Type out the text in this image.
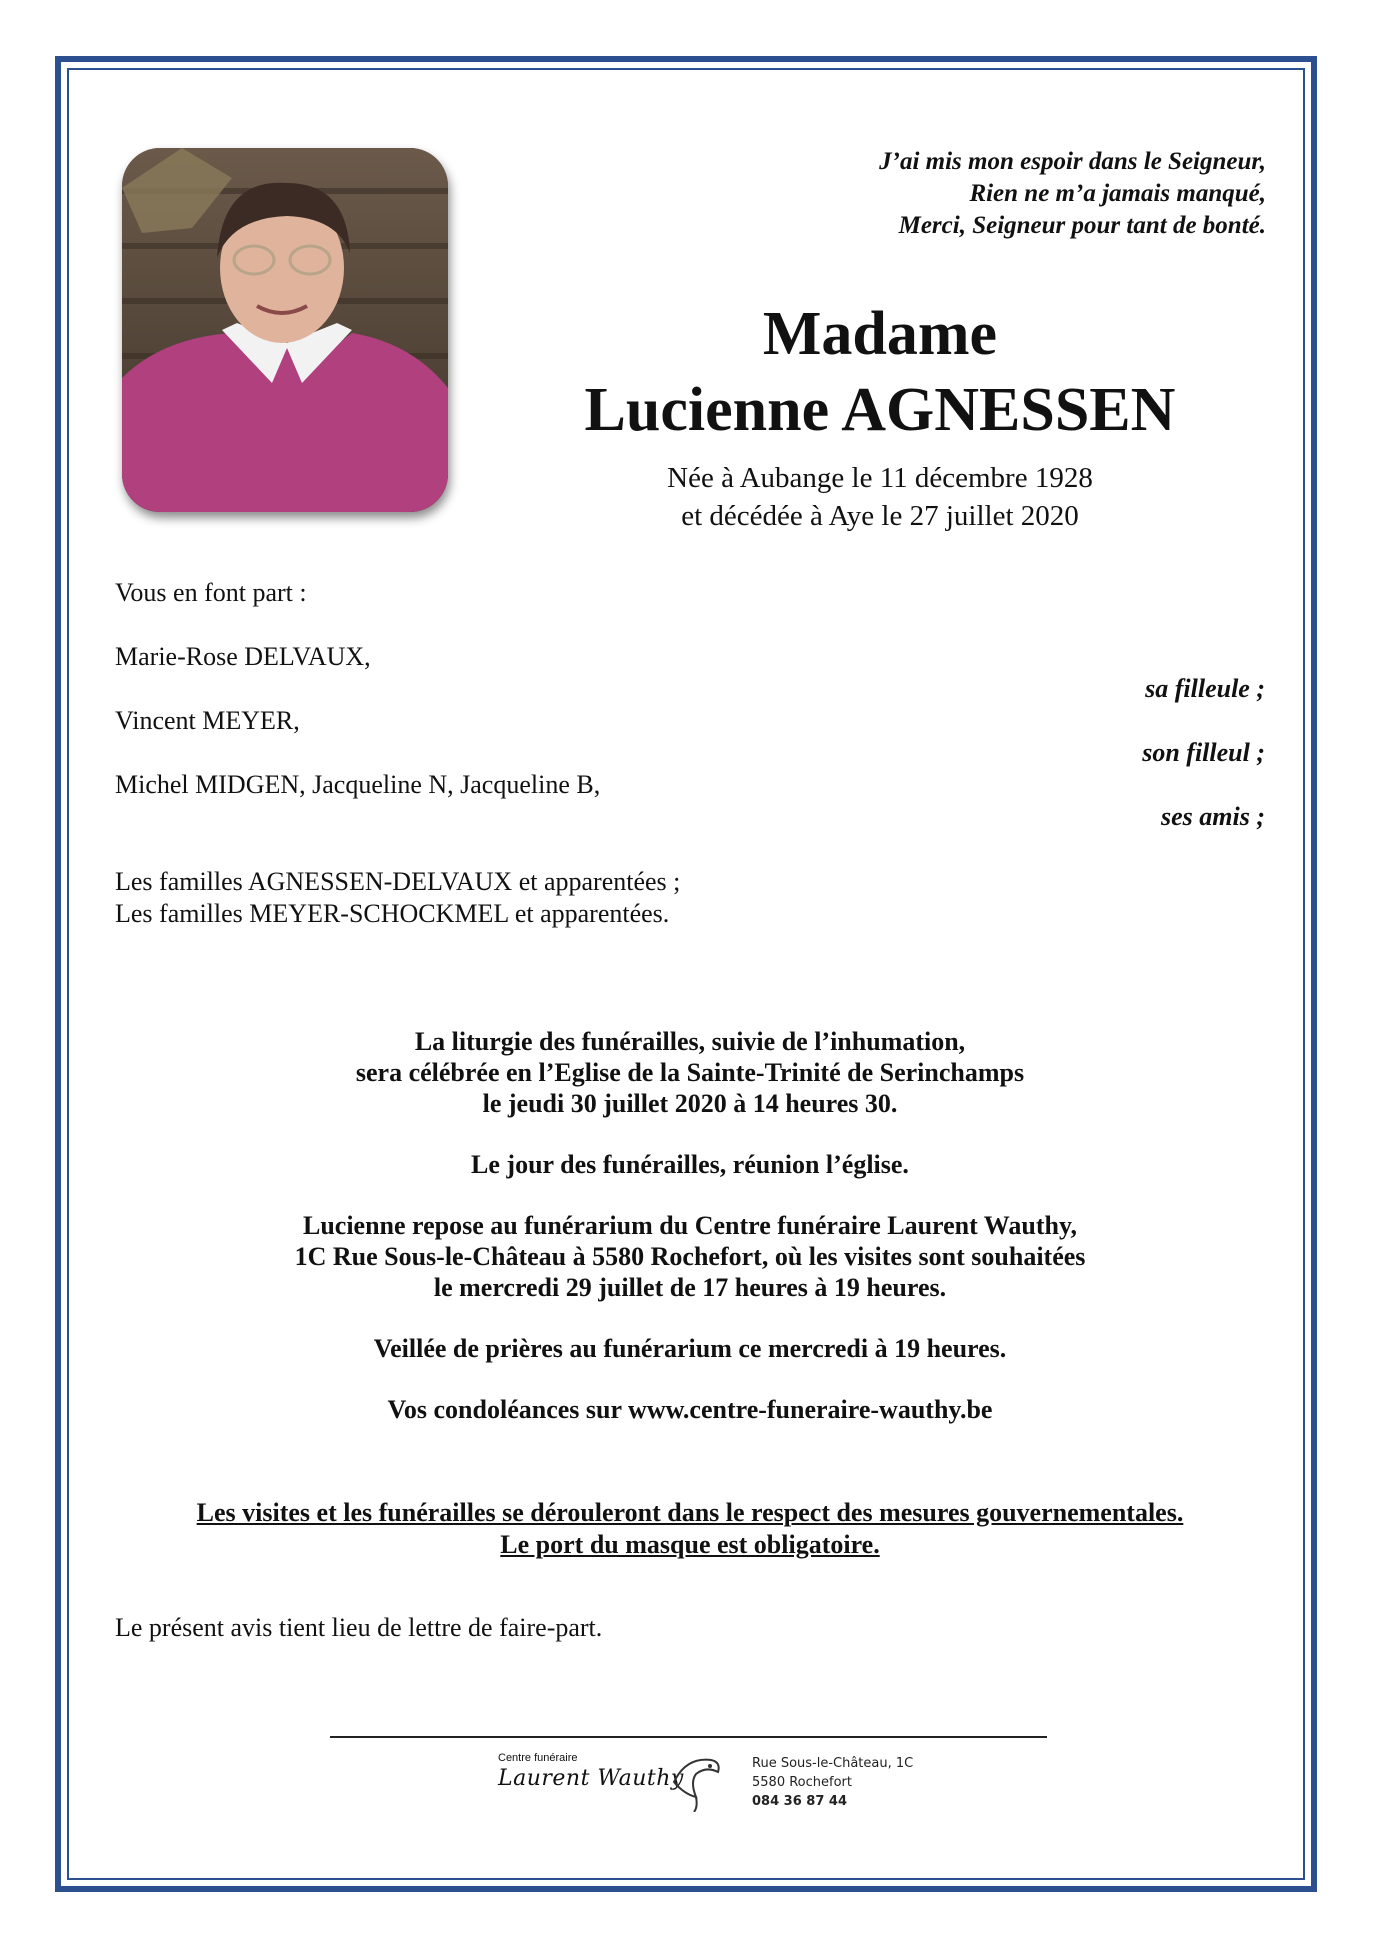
J’ai mis mon espoir dans le Seigneur,
Rien ne m’a jamais manqué,
Merci, Seigneur pour tant de bonté.
Madame
Lucienne AGNESSEN
Née à Aubange le 11 décembre 1928
et décédée à Aye le 27 juillet 2020
Vous en font part :
Marie-Rose DELVAUX,
sa filleule ;
Vincent MEYER,
son filleul ;
Michel MIDGEN, Jacqueline N, Jacqueline B,
ses amis ;
Les familles AGNESSEN-DELVAUX et apparentées ;
Les familles MEYER-SCHOCKMEL et apparentées.

La liturgie des funérailles, suivie de l’inhumation,
sera célébrée en l’Eglise de la Sainte-Trinité de Serinchamps
le jeudi 30 juillet 2020 à 14 heures 30.

Le jour des funérailles, réunion l’église.

Lucienne repose au funérarium du Centre funéraire Laurent Wauthy,
1C Rue Sous-le-Château à 5580 Rochefort, où les visites sont souhaitées
le mercredi 29 juillet de 17 heures à 19 heures.

Veillée de prières au funérarium ce mercredi à 19 heures.

Vos condoléances sur www.centre-funeraire-wauthy.be

Les visites et les funérailles se dérouleront dans le respect des mesures gouvernementales.
Le port du masque est obligatoire.
Le présent avis tient lieu de lettre de faire-part.
Centre funéraire
Laurent Wauthy
Rue Sous-le-Château, 1C
5580 Rochefort
084 36 87 44
